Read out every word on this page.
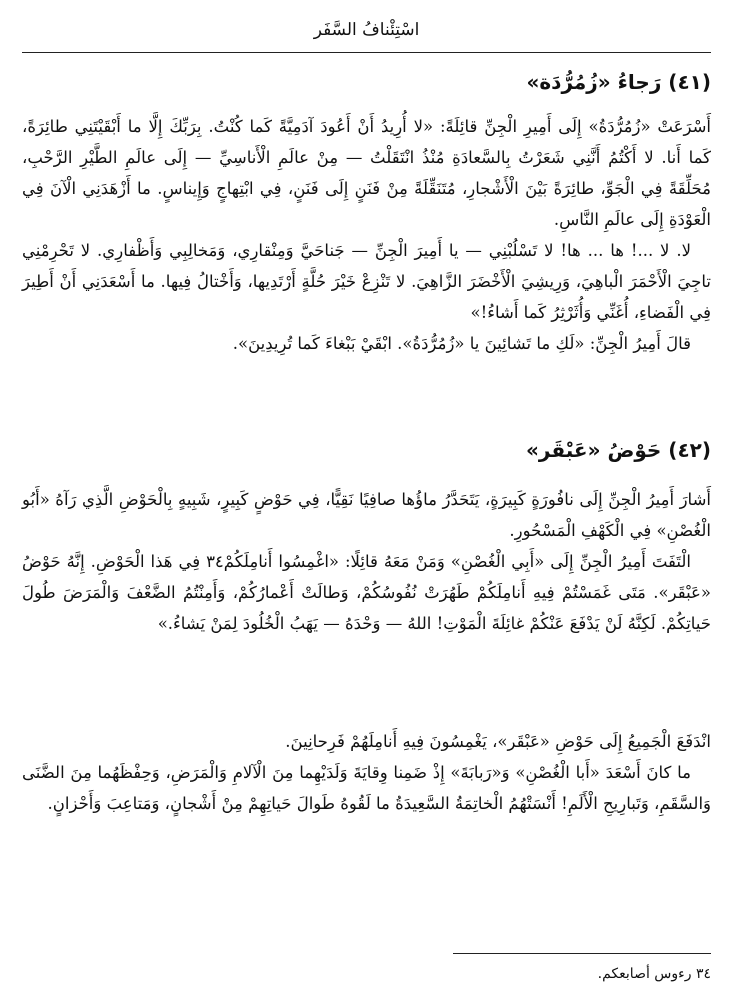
اسْتِئْنافُ السَّفَر
(٤١) رَجاءُ «زُمُرُّدَة»

أَسْرَعَتْ «زُمُرُّدَةُ» إِلَى أَمِيرِ الْجِنِّ قائِلَةً: «لا أُرِيدُ أَنْ أَعُودَ آدَمِيَّةً كَما كُنْتُ. بِرَبِّكَ إِلَّا ما أَبْقَيْتَنِي طائِرَةً، كَما أَنا. لا أَكْتُمُ أَنَّنِي شَعَرْتُ بِالسَّعادَةِ مُنْذُ انْتَقَلْتُ — مِنْ عالَمِ الْأَناسِيِّ — إِلَى عالَمِ الطَّيْرِ الرَّحْبِ، مُحَلِّقَةً فِي الْجَوِّ، طائِرَةً بَيْنَ الْأَشْجارِ، مُتَنَقِّلَةً مِنْ فَنَنٍ إِلَى فَنَنٍ، فِي ابْتِهاجٍ وَإِيناسٍ. ما أَزْهَدَنِي الْآنَ فِي الْعَوْدَةِ إِلَى عالَمِ النَّاسِ.

لا. لا ...! ها ... ها! لا تَسْلُبْنِي — يا أَمِيرَ الْجِنِّ — جَناحَيَّ وَمِنْقارِي، وَمَخالِبِي وَأَظْفارِي. لا تَحْرِمْنِي تاجِيَ الْأَحْمَرَ الْباهِيَ، وَرِيشِيَ الْأَخْضَرَ الزَّاهِيَ. لا تَنْزِعْ خَيْرَ حُلَّةٍ أَرْتَدِيها، وَأَخْتالُ فِيها. ما أَسْعَدَنِي أَنْ أَطِيرَ فِي الْفَضاءِ، أُغَنِّي وَأُثَرْثِرُ كَما أَشاءُ!»

قالَ أَمِيرُ الْجِنِّ: «لَكِ ما تَشائِينَ يا «زُمُرُّدَةُ». ابْقَيْ بَبْغاءَ كَما تُرِيدِينَ».

(٤٢) حَوْضُ «عَبْقَر»

أَشارَ أَمِيرُ الْجِنِّ إِلَى نافُورَةٍ كَبِيرَةٍ، يَتَحَدَّرُ ماؤُها صافِيًا نَقِيًّا، فِي حَوْضٍ كَبِيرٍ، شَبِيهٍ بِالْحَوْضِ الَّذِي رَآهُ «أَبُو الْغُصْنِ» فِي الْكَهْفِ الْمَسْحُورِ.

الْتَفَتَ أَمِيرُ الْجِنِّ إِلَى «أَبِي الْغُصْنِ» وَمَنْ مَعَهُ قائِلًا: «اغْمِسُوا أَنامِلَكُمْ٣٤ فِي هَذا الْحَوْضِ. إِنَّهُ حَوْضُ «عَبْقَر». مَتَى غَمَسْتُمْ فِيهِ أَنامِلَكُمْ طَهُرَتْ نُفُوسُكُمْ، وَطالَتْ أَعْمارُكُمْ، وَأَمِنْتُمُ الضَّعْفَ وَالْمَرَضَ طُولَ حَياتِكُمْ. لَكِنَّهُ لَنْ يَدْفَعَ عَنْكُمْ غائِلَةَ الْمَوْتِ! اللهُ — وَحْدَهُ — يَهَبُ الْخُلُودَ لِمَنْ يَشاءُ.»

انْدَفَعَ الْجَمِيعُ إِلَى حَوْضِ «عَبْقَر»، يَغْمِسُونَ فِيهِ أَنامِلَهُمْ فَرِحانِينَ.

ما كانَ أَسْعَدَ «أَبا الْغُصْنِ» وَ«رَبابَةَ» إِذْ ضَمِنا وِقايَةَ وَلَدَيْهِما مِنَ الْآلامِ وَالْمَرَضِ، وَحِفْظَهُما مِنَ الضَّنَى وَالسَّقَمِ، وَتَبارِيحِ الْأَلَمِ! أَنْسَتْهُمُ الْخاتِمَةُ السَّعِيدَةُ ما لَقُوهُ طَوالَ حَياتِهِمْ مِنْ أَشْجانٍ، وَمَتاعِبَ وَأَحْزانٍ.

٣٤ رءوس أصابعكم.
